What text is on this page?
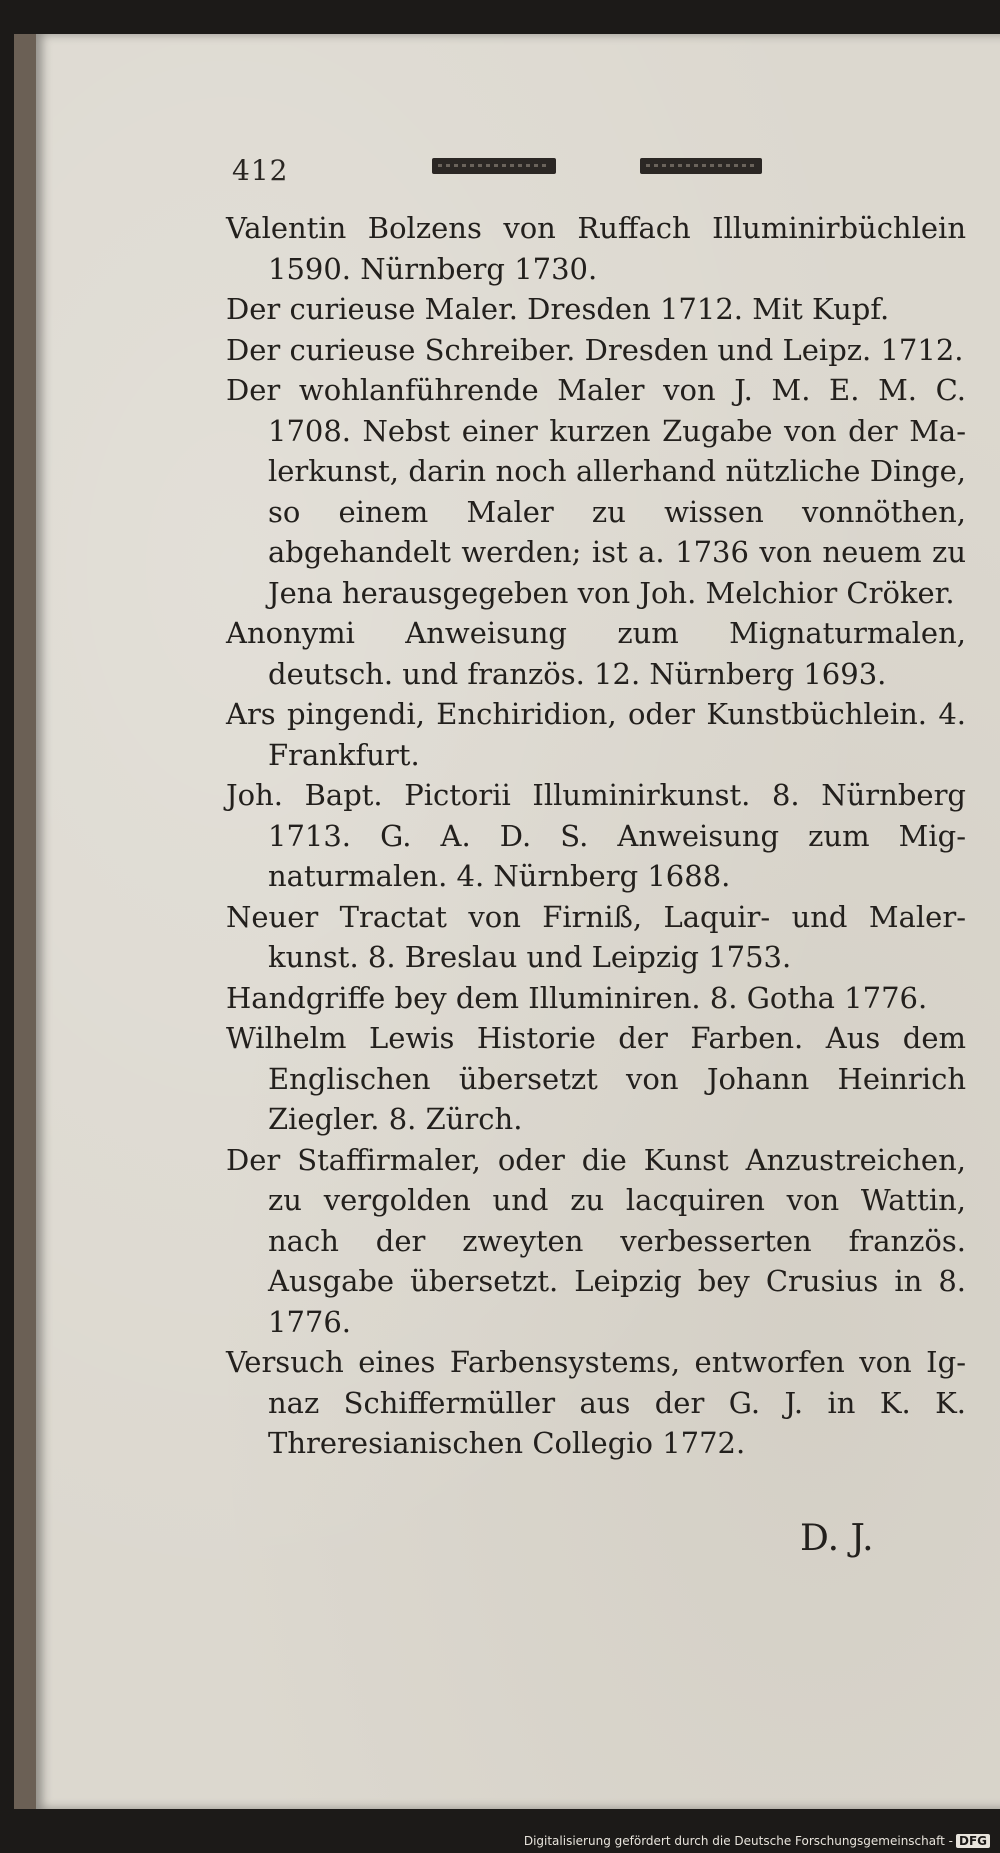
412

Valentin Bolzens von Ruffach Illuminirbüchlein 1590. Nürnberg 1730.

Der curieuse Maler. Dresden 1712. Mit Kupf.

Der curieuse Schreiber. Dresden und Leipz. 1712.

Der wohlanführende Maler von J. M. E. M. C. 1708. Nebst einer kurzen Zugabe von der Malerkunst, darin noch allerhand nützliche Dinge, so einem Maler zu wissen vonnöthen, abgehandelt werden; ist a. 1736 von neuem zu Jena herausgegeben von Joh. Melchior Cröker.

Anonymi Anweisung zum Mignaturmalen, deutsch. und französ. 12. Nürnberg 1693.

Ars pingendi, Enchiridion, oder Kunstbüchlein. 4. Frankfurt.

Joh. Bapt. Pictorii Illuminirkunst. 8. Nürnberg 1713. G. A. D. S. Anweisung zum Mignaturmalen. 4. Nürnberg 1688.

Neuer Tractat von Firniß, Laquir- und Malerkunst. 8. Breslau und Leipzig 1753.

Handgriffe bey dem Illuminiren. 8. Gotha 1776.

Wilhelm Lewis Historie der Farben. Aus dem Englischen übersetzt von Johann Heinrich Ziegler. 8. Zürch.

Der Staffirmaler, oder die Kunst Anzustreichen, zu vergolden und zu lacquiren von Wattin, nach der zweyten verbesserten französ. Ausgabe übersetzt. Leipzig bey Crusius in 8. 1776.

Versuch eines Farbensystems, entworfen von Ignaz Schiffermüller aus der G. J. in K. K. Threresianischen Collegio 1772.

D. J.
Digitalisierung gefördert durch die Deutsche Forschungsgemeinschaft - DFG
